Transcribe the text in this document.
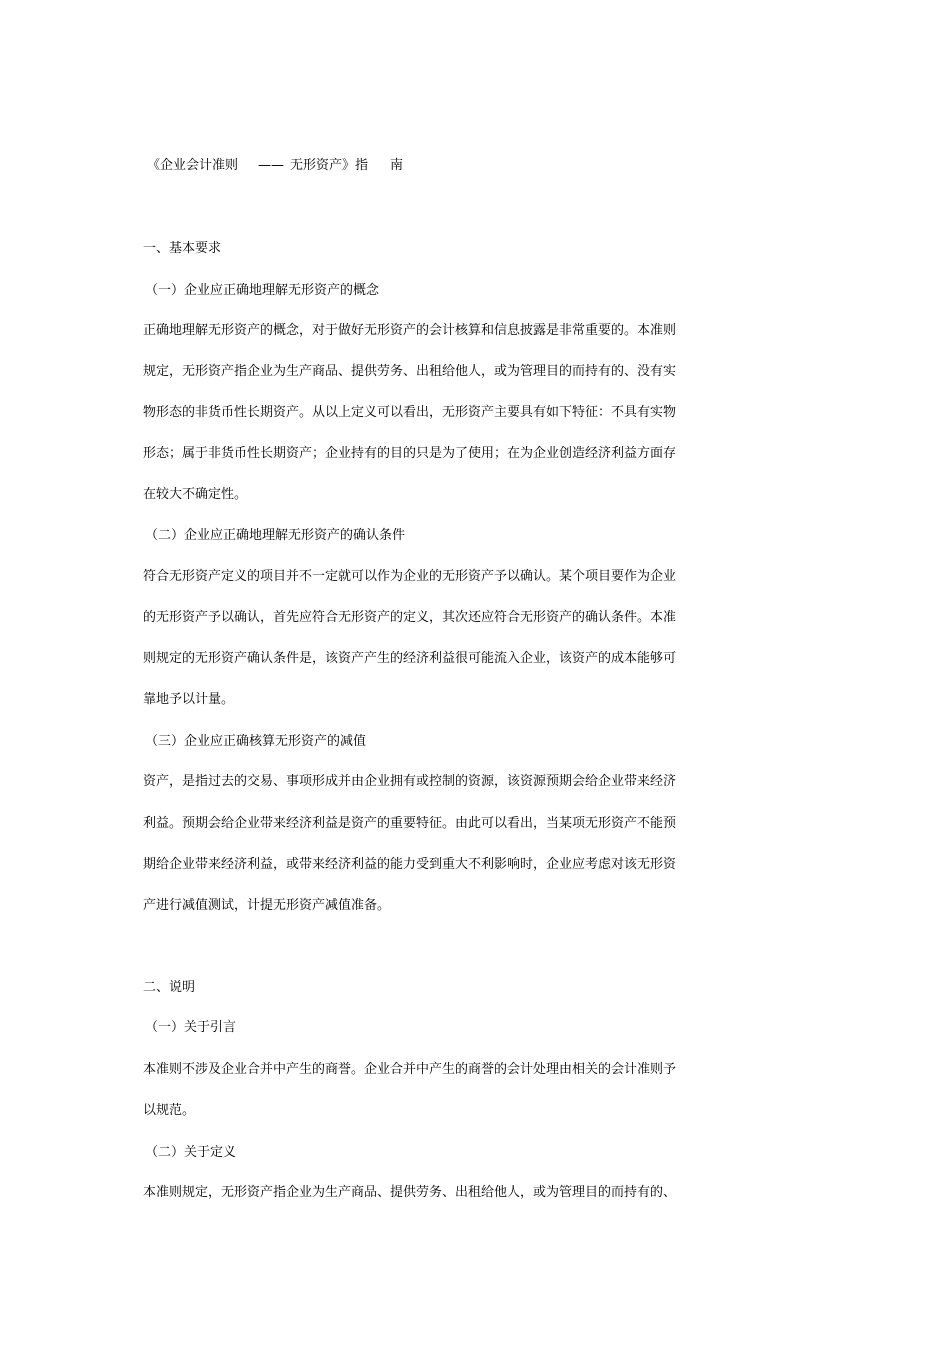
《企业会计准则 —— 无形资产》指 南
一、基本要求
（一）企业应正确地理解无形资产的概念
正确地理解无形资产的概念，对于做好无形资产的会计核算和信息披露是非常重要的。本准则
规定，无形资产指企业为生产商品、提供劳务、出租给他人，或为管理目的而持有的、没有实
物形态的非货币性长期资产。从以上定义可以看出，无形资产主要具有如下特征：不具有实物
形态；属于非货币性长期资产；企业持有的目的只是为了使用；在为企业创造经济利益方面存
在较大不确定性。
（二）企业应正确地理解无形资产的确认条件
符合无形资产定义的项目并不一定就可以作为企业的无形资产予以确认。某个项目要作为企业
的无形资产予以确认，首先应符合无形资产的定义，其次还应符合无形资产的确认条件。本准
则规定的无形资产确认条件是，该资产产生的经济利益很可能流入企业，该资产的成本能够可
靠地予以计量。
（三）企业应正确核算无形资产的减值
资产，是指过去的交易、事项形成并由企业拥有或控制的资源，该资源预期会给企业带来经济
利益。预期会给企业带来经济利益是资产的重要特征。由此可以看出，当某项无形资产不能预
期给企业带来经济利益，或带来经济利益的能力受到重大不利影响时，企业应考虑对该无形资
产进行减值测试，计提无形资产减值准备。
二、说明
（一）关于引言
本准则不涉及企业合并中产生的商誉。企业合并中产生的商誉的会计处理由相关的会计准则予
以规范。
（二）关于定义
本准则规定，无形资产指企业为生产商品、提供劳务、出租给他人，或为管理目的而持有的、
